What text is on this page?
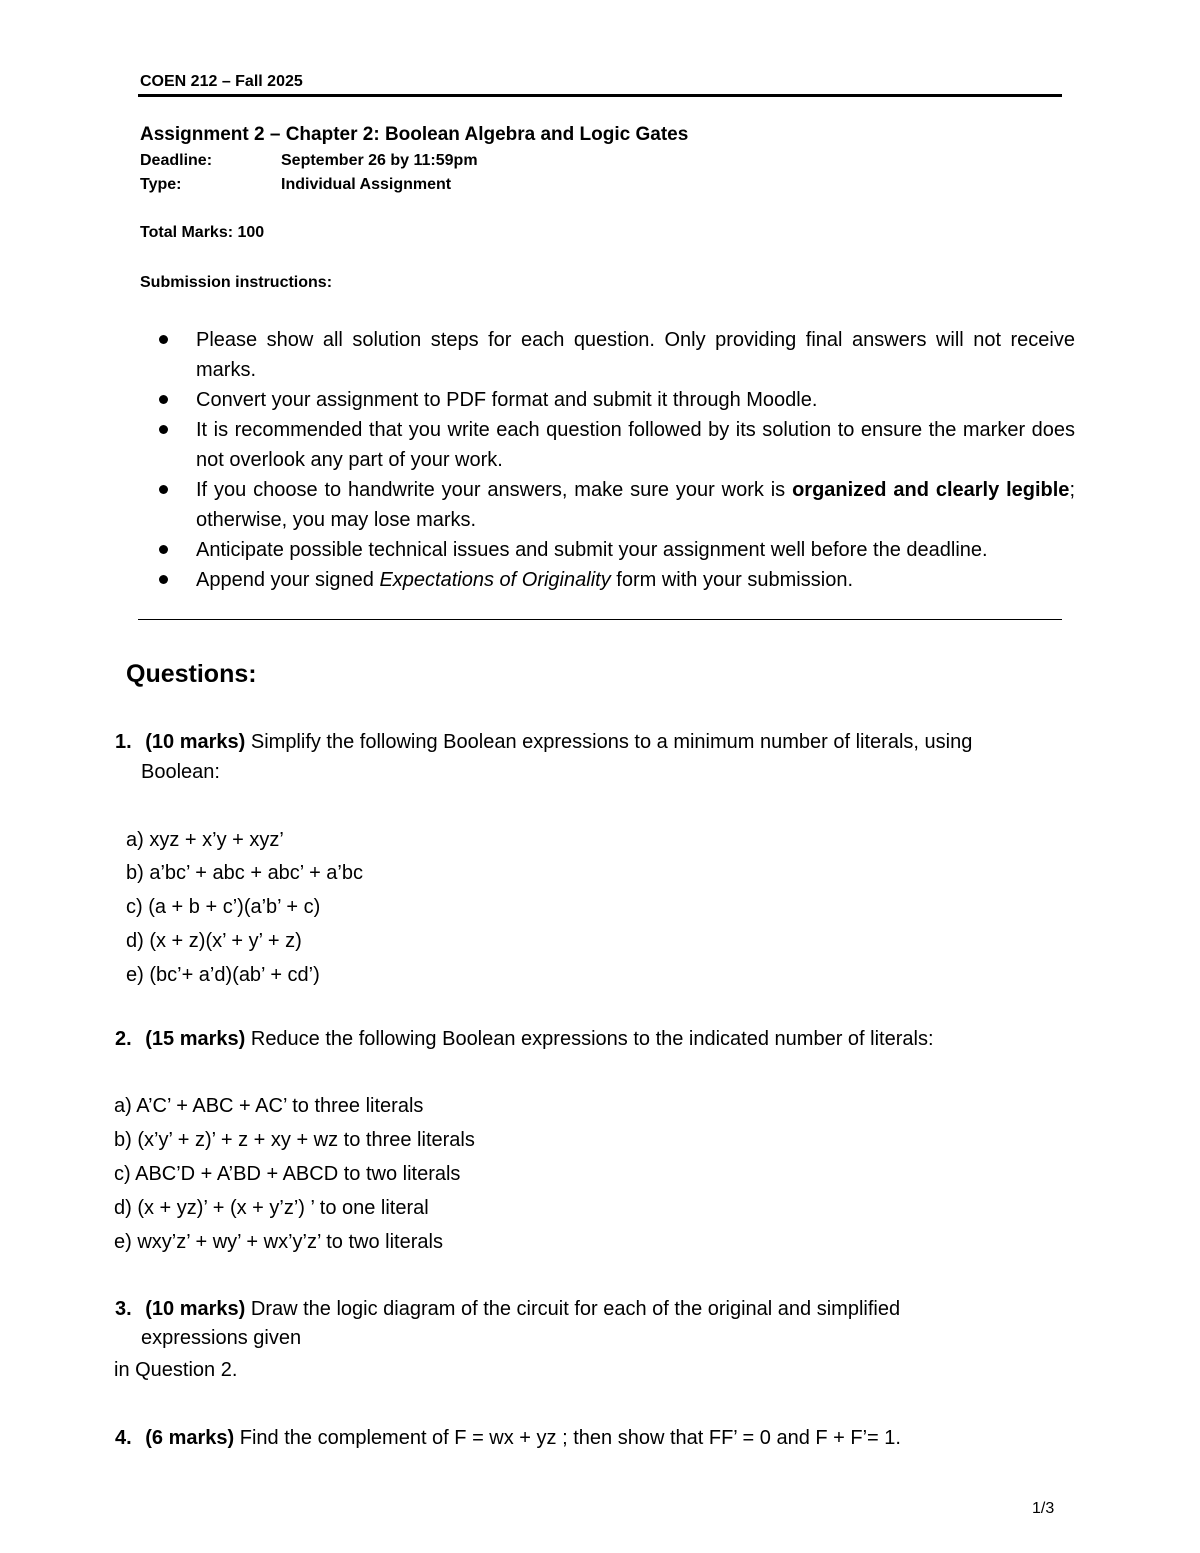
COEN 212 – Fall 2025
Assignment 2 – Chapter 2: Boolean Algebra and Logic Gates
Deadline:	September 26 by 11:59pm
Type:	Individual Assignment
Total Marks: 100
Submission instructions:
Please show all solution steps for each question. Only providing final answers will not receive marks.
Convert your assignment to PDF format and submit it through Moodle.
It is recommended that you write each question followed by its solution to ensure the marker does not overlook any part of your work.
If you choose to handwrite your answers, make sure your work is organized and clearly legible; otherwise, you may lose marks.
Anticipate possible technical issues and submit your assignment well before the deadline.
Append your signed Expectations of Originality form with your submission.
Questions:
1. (10 marks) Simplify the following Boolean expressions to a minimum number of literals, using
Boolean:
a) xyz + x’y + xyz’
b) a’bc’ + abc + abc’ + a’bc
c) (a + b + c’)(a’b’ + c)
d) (x + z)(x’ + y’ + z)
e) (bc’+ a’d)(ab’ + cd’)
2. (15 marks) Reduce the following Boolean expressions to the indicated number of literals:
a) A’C’ + ABC + AC’ to three literals
b) (x’y’ + z)’ + z + xy + wz to three literals
c) ABC’D + A’BD + ABCD to two literals
d) (x + yz)’ + (x + y’z’) ’ to one literal
e) wxy’z’ + wy’ + wx’y’z’ to two literals
3. (10 marks) Draw the logic diagram of the circuit for each of the original and simplified
expressions given
in Question 2.
4. (6 marks) Find the complement of F = wx + yz ; then show that FF’ = 0 and F + F’= 1.
1/3
